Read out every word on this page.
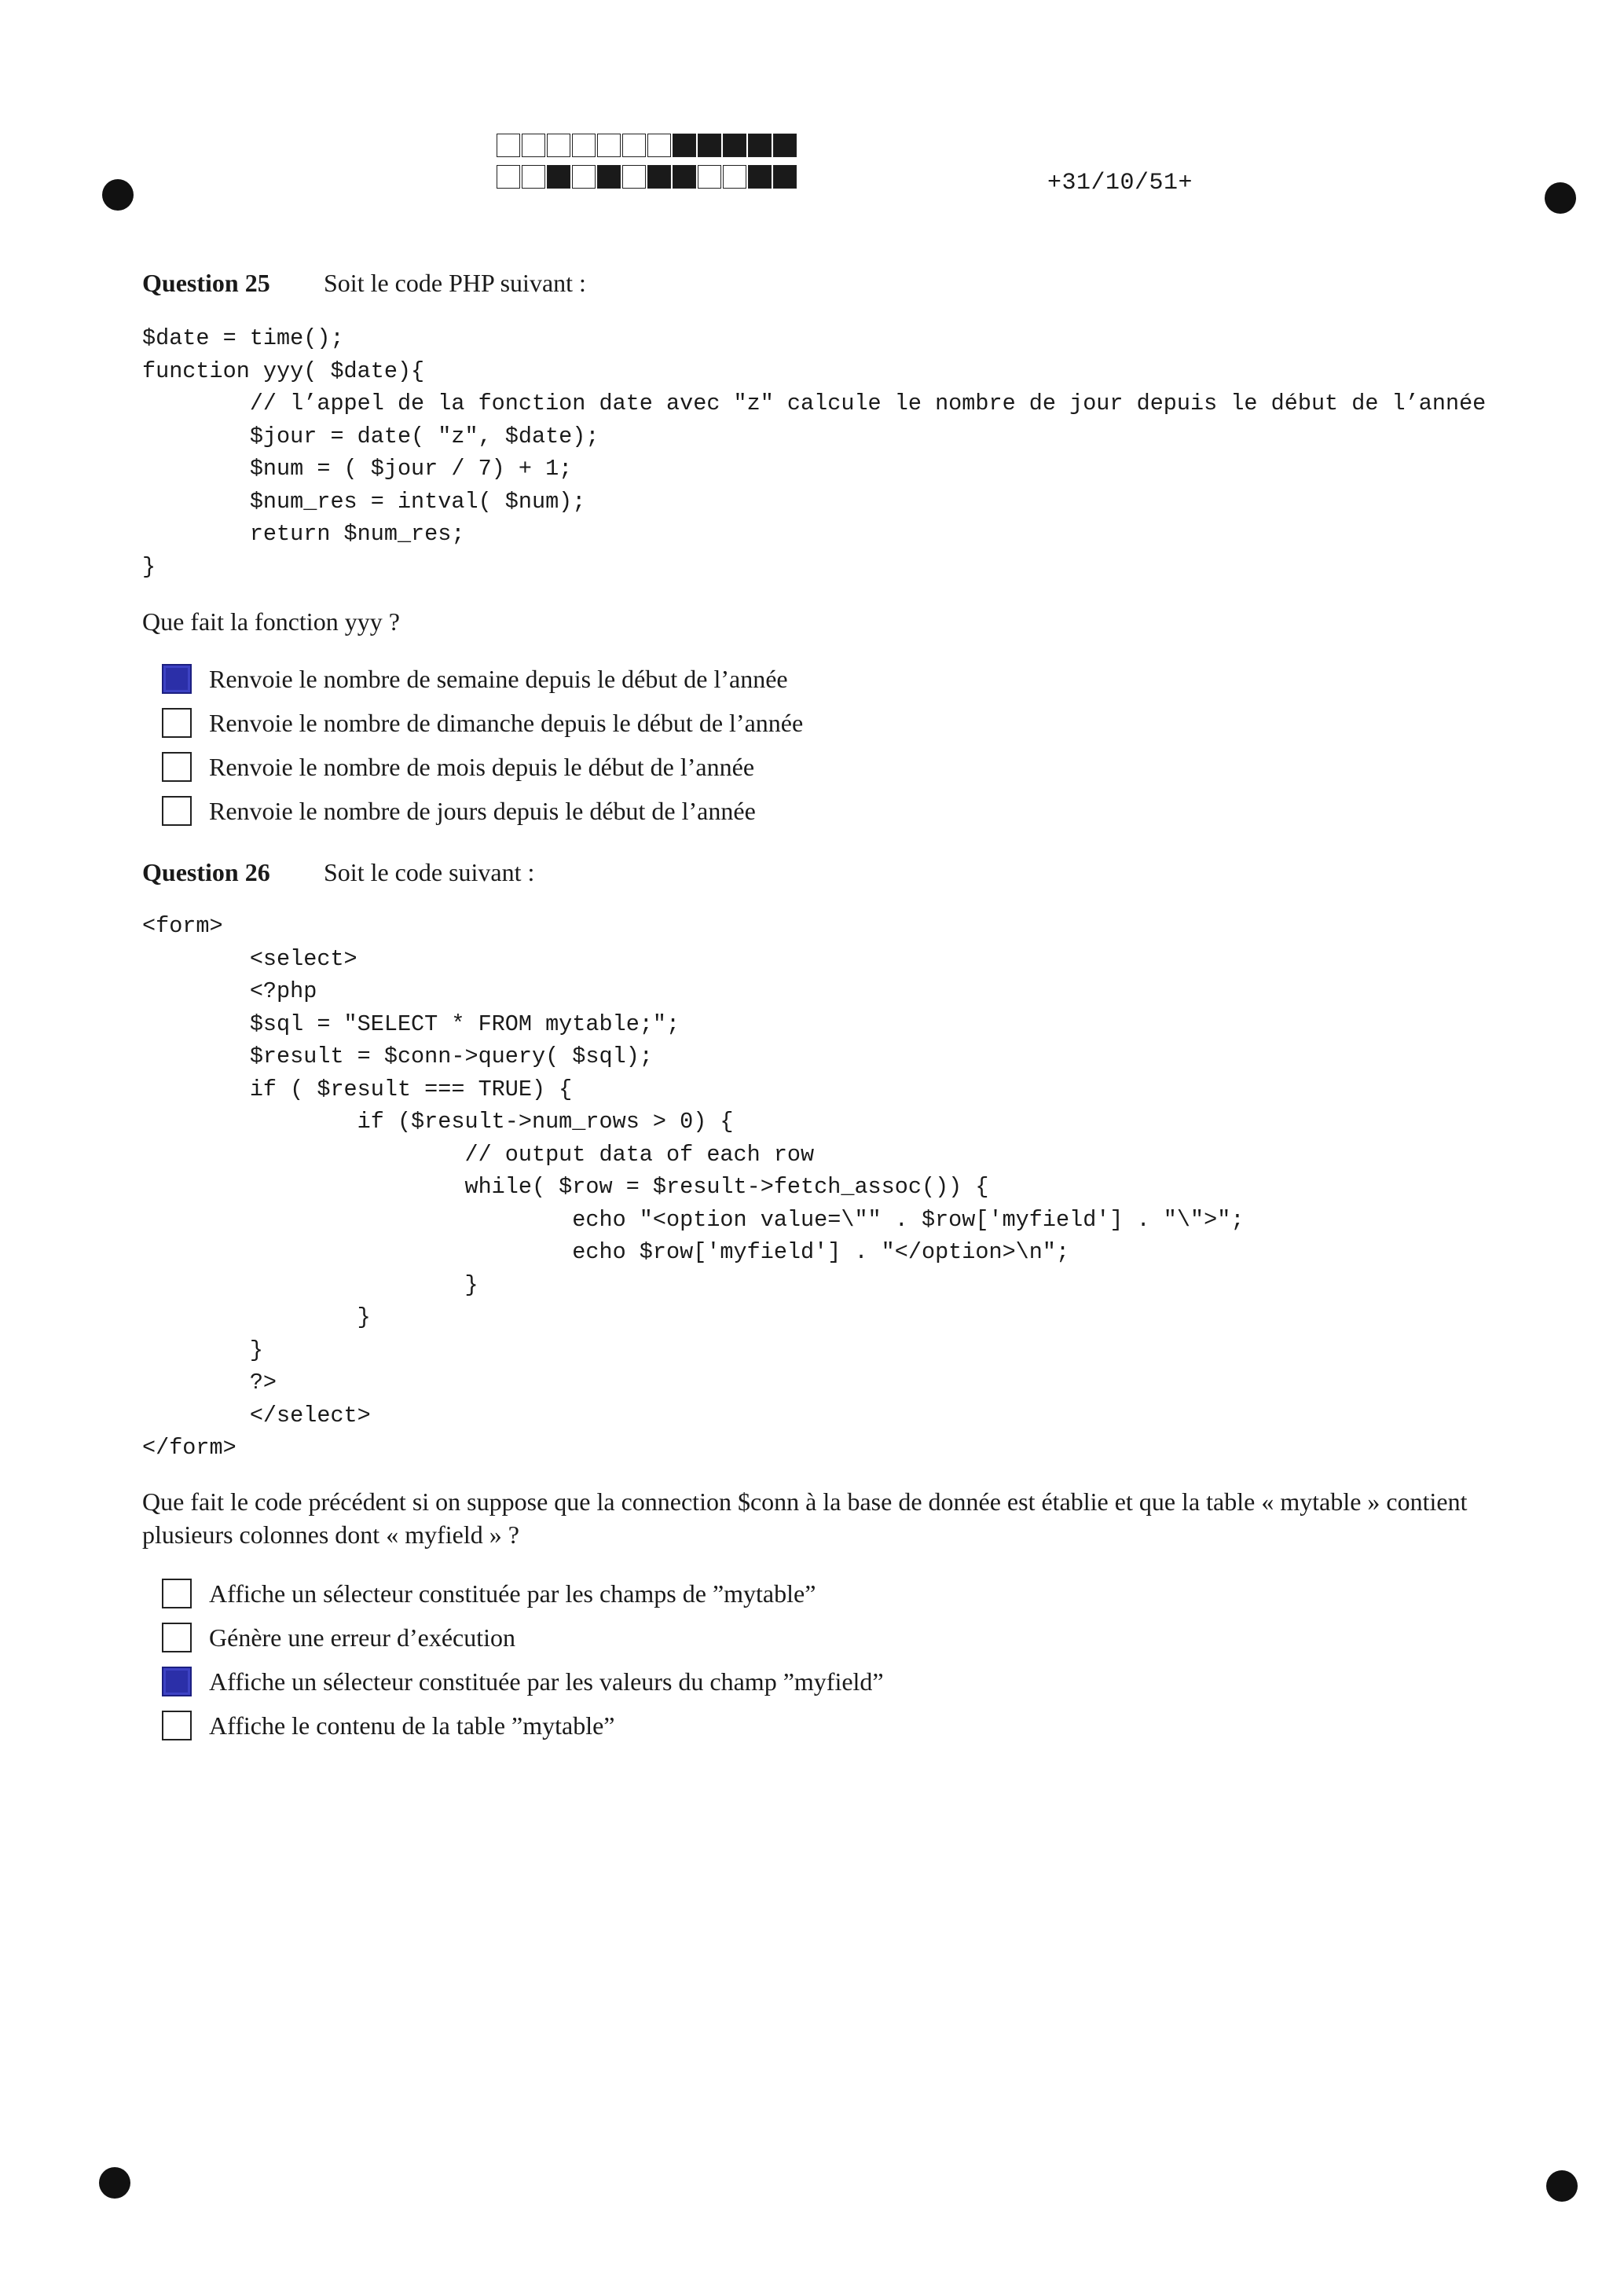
+31/10/51+
Question 25 Soit le code PHP suivant :
$date = time();
function yyy( $date){
// l’appel de la fonction date avec "z" calcule le nombre de jour depuis le début de l’année
$jour = date( "z", $date);
$num = ( $jour / 7) + 1;
$num_res = intval( $num);
return $num_res;
}
Que fait la fonction yyy ?
Renvoie le nombre de semaine depuis le début de l’année
Renvoie le nombre de dimanche depuis le début de l’année
Renvoie le nombre de mois depuis le début de l’année
Renvoie le nombre de jours depuis le début de l’année
Question 26 Soit le code suivant :
<form>
<select>
<?php
$sql = "SELECT * FROM mytable;";
$result = $conn->query( $sql);
if ( $result === TRUE) {
if ($result->num_rows > 0) {
// output data of each row
while( $row = $result->fetch_assoc()) {
echo "<option value=\"" . $row['myfield'] . "\">";
echo $row['myfield'] . "</option>\n";
}
}
}
?>
</select>
</form>
Que fait le code précédent si on suppose que la connection $conn à la base de donnée est établie et que la table « mytable » contient plusieurs colonnes dont « myfield » ?
Affiche un sélecteur constituée par les champs de ”mytable”
Génère une erreur d’exécution
Affiche un sélecteur constituée par les valeurs du champ ”myfield”
Affiche le contenu de la table ”mytable”
